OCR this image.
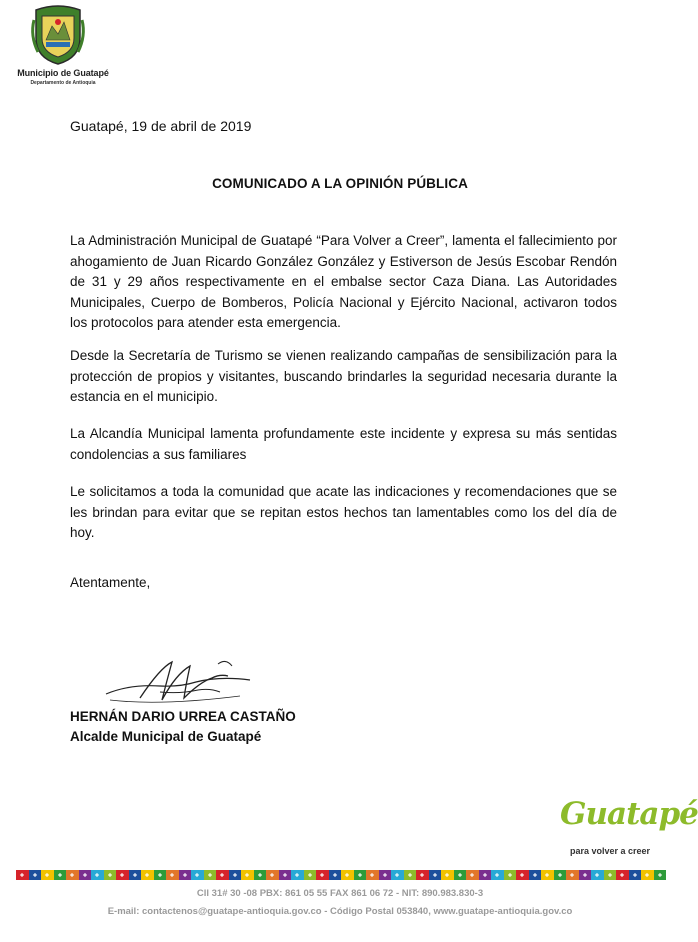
Municipio de Guatapé
Departamento de Antioquia
Guatapé, 19 de abril de 2019
COMUNICADO A LA OPINIÓN PÚBLICA

La Administración Municipal de Guatapé “Para Volver a Creer”, lamenta el fallecimiento por ahogamiento de Juan Ricardo González González y Estiverson de Jesús Escobar Rendón de 31 y 29 años respectivamente en el embalse sector Caza Diana. Las Autoridades Municipales, Cuerpo de Bomberos, Policía Nacional y Ejército Nacional, activaron todos los protocolos para atender esta emergencia.

Desde la Secretaría de Turismo se vienen realizando campañas de sensibilización para la protección de propios y visitantes, buscando brindarles la seguridad necesaria durante la estancia en el municipio.

La Alcandía Municipal lamenta profundamente este incidente y expresa su más sentidas condolencias a sus familiares

Le solicitamos a toda la comunidad que acate las indicaciones y recomendaciones que se les brindan para evitar que se repitan estos hechos tan lamentables como los del día de hoy.

Atentamente,
HERNÁN DARIO URREA CASTAÑO
Alcalde Municipal de Guatapé
Guatapé
para volver a creer
Cll 31# 30 -08 PBX: 861 05 55 FAX 861 06 72 - NIT: 890.983.830-3
E-mail: contactenos@guatape-antioquia.gov.co - Código Postal 053840, www.guatape-antioquia.gov.co
